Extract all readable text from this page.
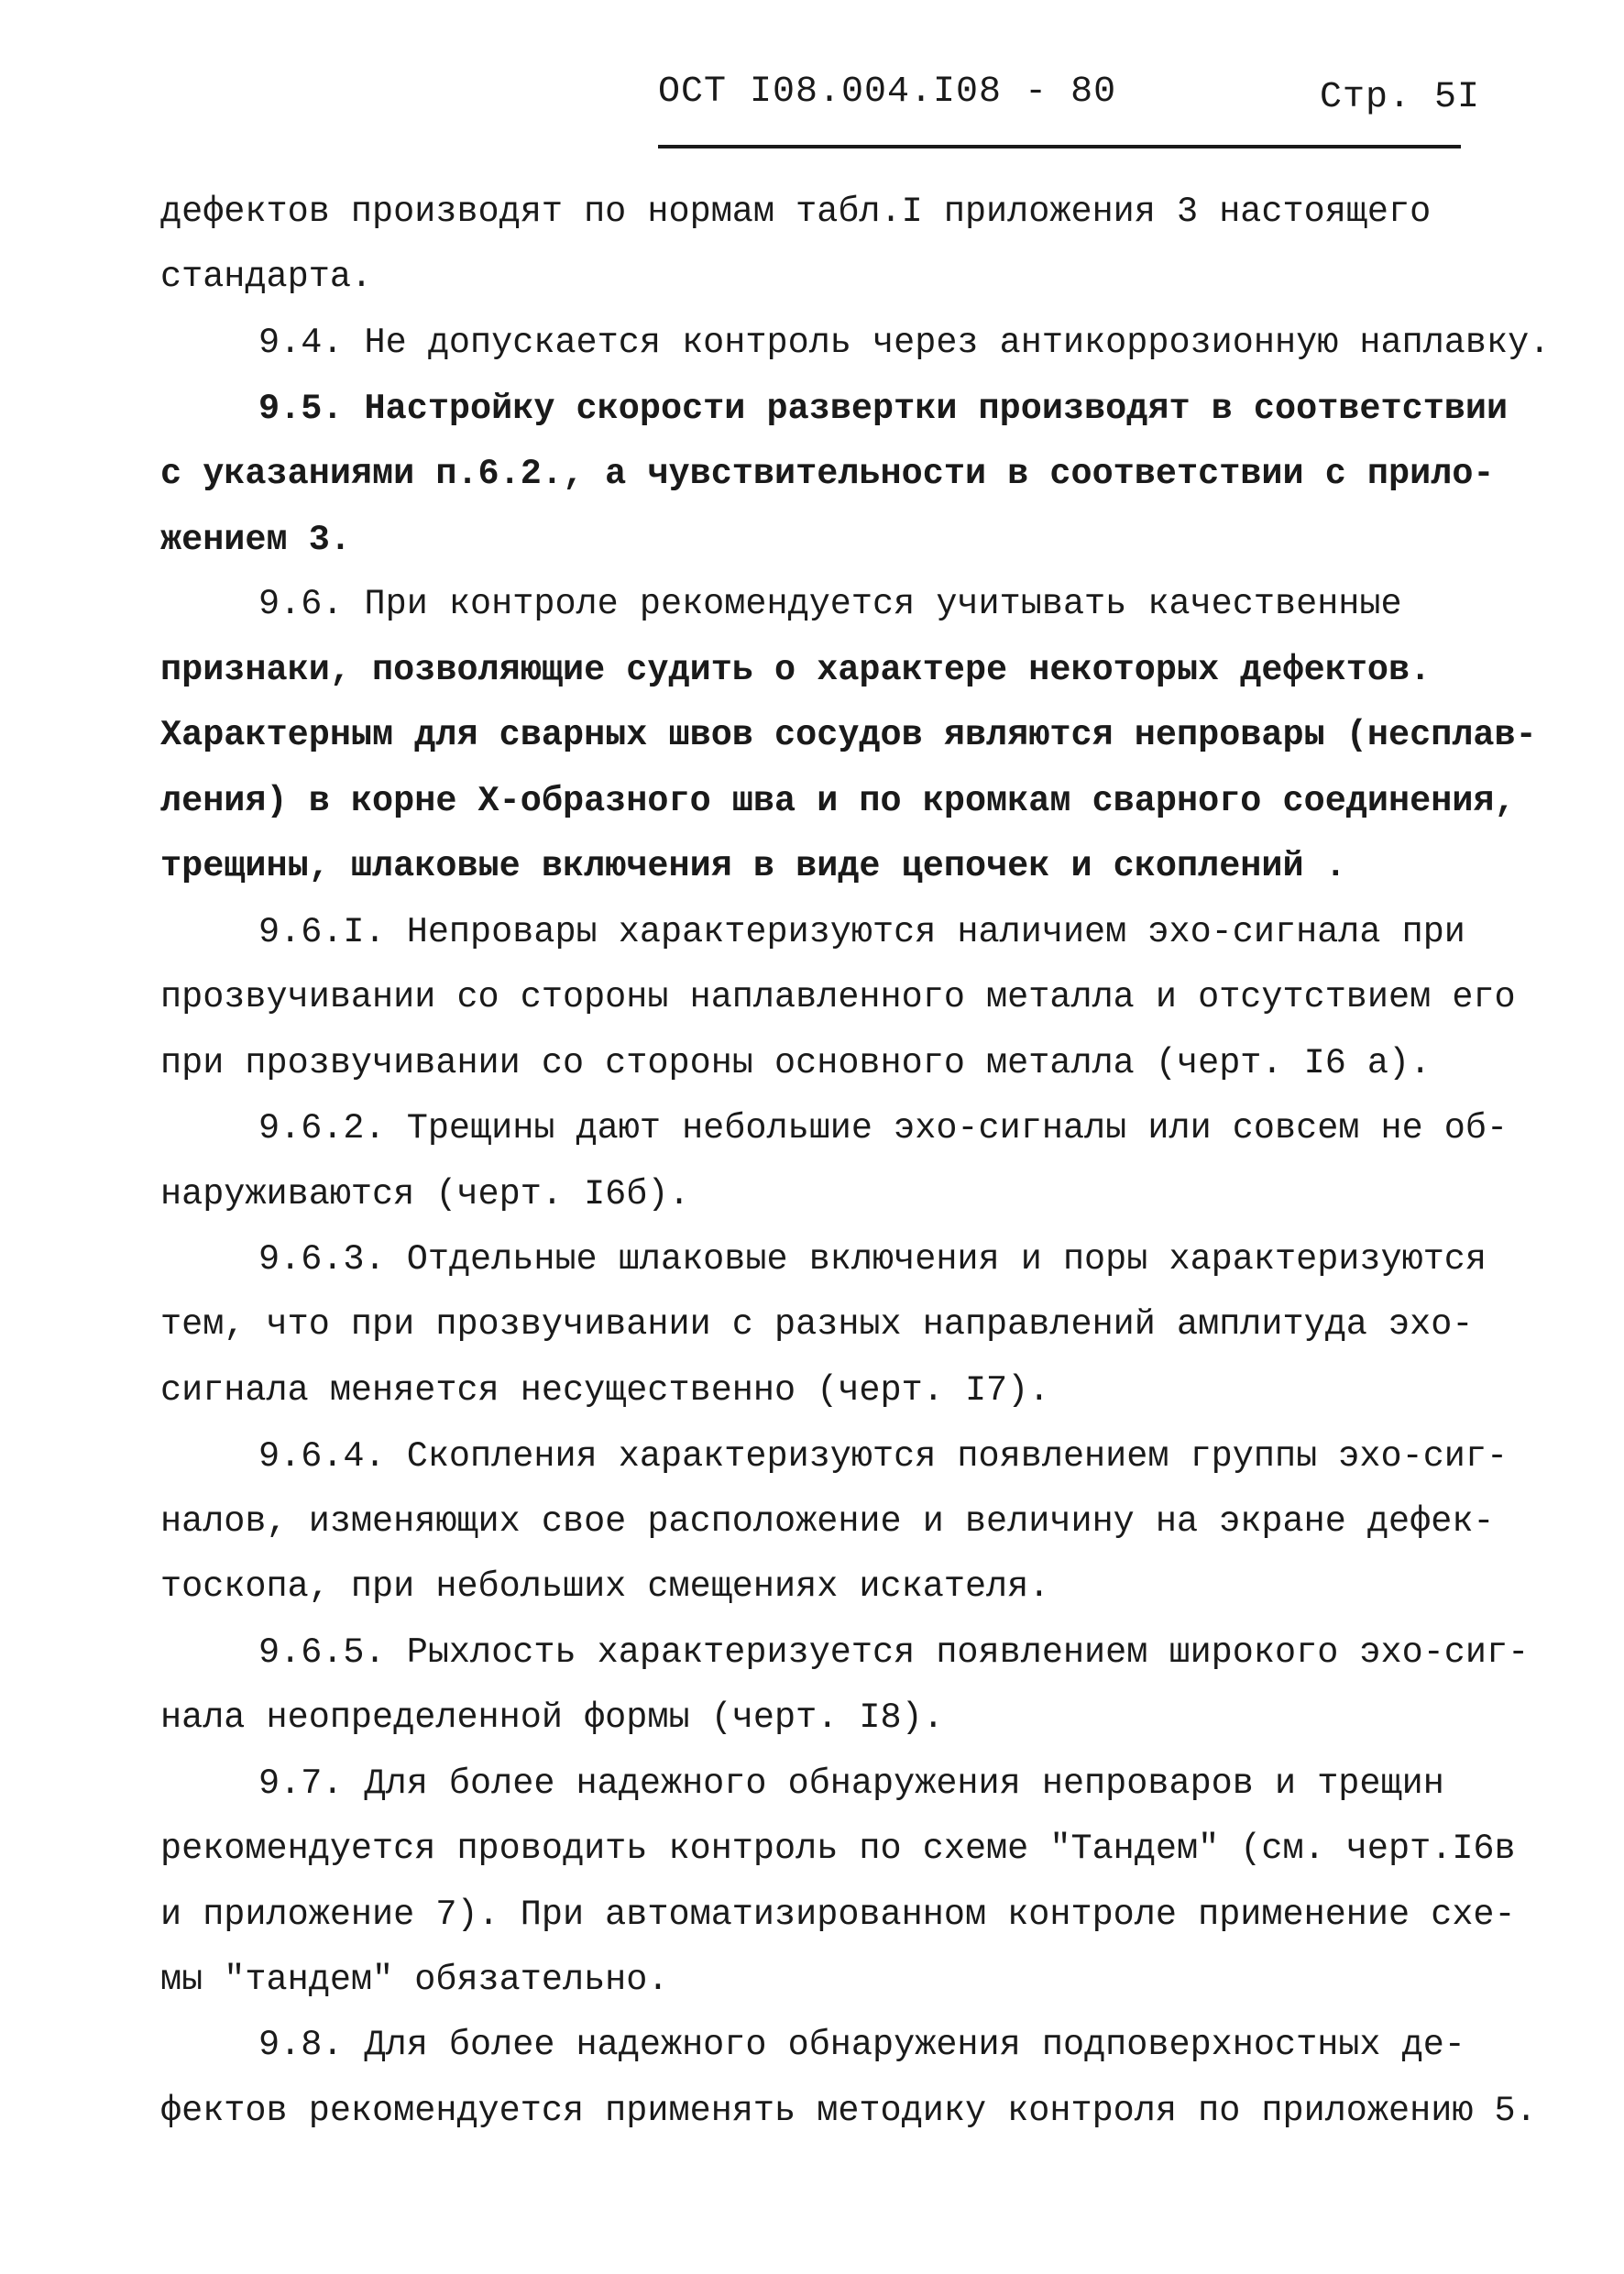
ОСТ I08.004.I08 - 80	Стр. 5I
дефектов производят по нормам табл.I приложения 3 настоящего
стандарта.
9.4. Не допускается контроль через антикоррозионную наплавку.
9.5. Настройку скорости развертки производят в соответствии
с указаниями п.6.2., а чувствительности в соответствии с прило-
жением 3.
9.6. При контроле рекомендуется учитывать качественные
признаки, позволяющие судить о характере некоторых дефектов.
Характерным для сварных швов сосудов являются непровары (несплав-
ления) в корне Х-образного шва и по кромкам сварного соединения,
трещины, шлаковые включения в виде цепочек и скоплений .
9.6.I. Непровары характеризуются наличием эхо-сигнала при
прозвучивании со стороны наплавленного металла и отсутствием его
при прозвучивании со стороны основного металла (черт. I6 а).
9.6.2. Трещины дают небольшие эхо-сигналы или совсем не об-
наруживаются (черт. I6б).
9.6.3. Отдельные шлаковые включения и поры характеризуются
тем, что при прозвучивании с разных направлений амплитуда эхо-
сигнала меняется несущественно (черт. I7).
9.6.4. Скопления характеризуются появлением группы эхо-сиг-
налов, изменяющих свое расположение и величину на экране дефек-
тоскопа, при небольших смещениях искателя.
9.6.5. Рыхлость характеризуется появлением широкого эхо-сиг-
нала неопределенной формы (черт. I8).
9.7. Для более надежного обнаружения непроваров и трещин
рекомендуется проводить контроль по схеме "Тандем" (см. черт.I6в
и приложение 7). При автоматизированном контроле применение схе-
мы "тандем" обязательно.
9.8. Для более надежного обнаружения подповерхностных де-
фектов рекомендуется применять методику контроля по приложению 5.
